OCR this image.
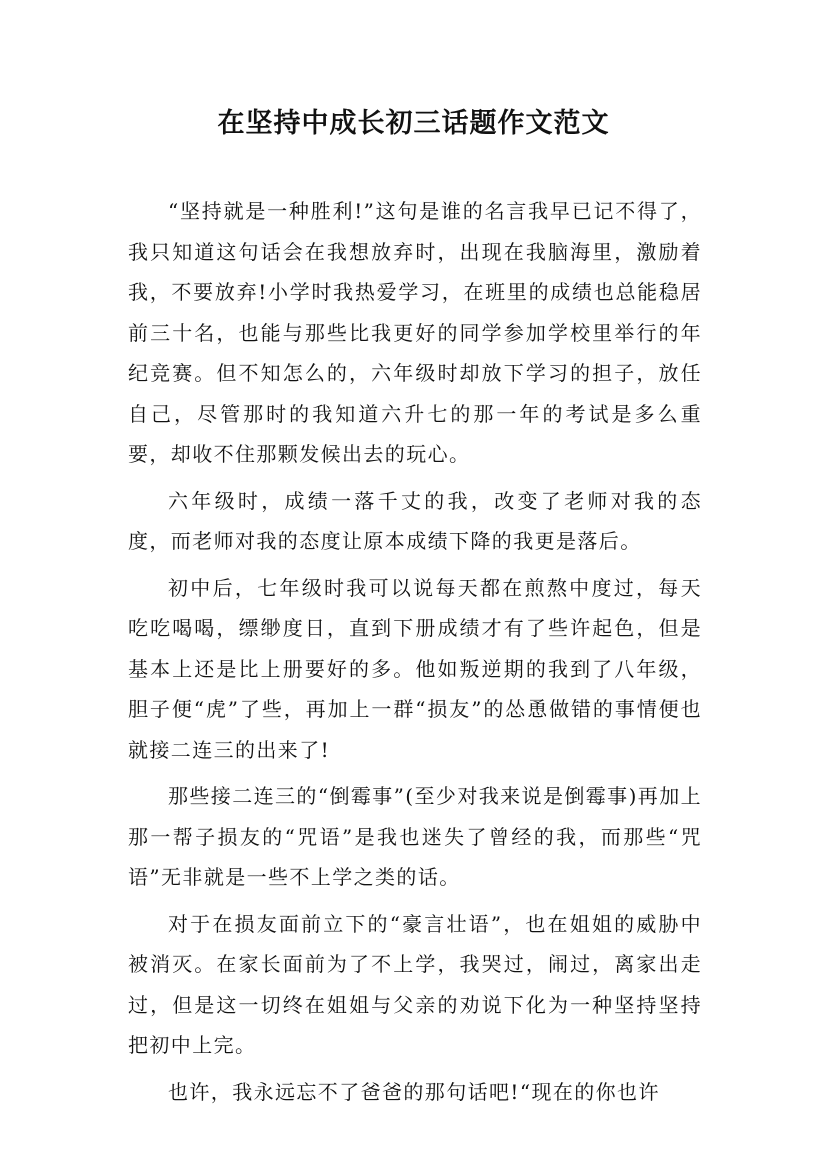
在坚持中成长初三话题作文范文

“坚持就是一种胜利!”这句是谁的名言我早已记不得了，我只知道这句话会在我想放弃时，出现在我脑海里，激励着我，不要放弃!小学时我热爱学习，在班里的成绩也总能稳居前三十名，也能与那些比我更好的同学参加学校里举行的年纪竞赛。但不知怎么的，六年级时却放下学习的担子，放任自己，尽管那时的我知道六升七的那一年的考试是多么重要，却收不住那颗发候出去的玩心。

六年级时，成绩一落千丈的我，改变了老师对我的态度，而老师对我的态度让原本成绩下降的我更是落后。

初中后，七年级时我可以说每天都在煎熬中度过，每天吃吃喝喝，缥缈度日，直到下册成绩才有了些许起色，但是基本上还是比上册要好的多。他如叛逆期的我到了八年级，胆子便“虎”了些，再加上一群“损友”的怂恿做错的事情便也就接二连三的出来了!

那些接二连三的“倒霉事”(至少对我来说是倒霉事)再加上那一帮子损友的“咒语”是我也迷失了曾经的我，而那些“咒语”无非就是一些不上学之类的话。

对于在损友面前立下的“豪言壮语”，也在姐姐的威胁中被消灭。在家长面前为了不上学，我哭过，闹过，离家出走过，但是这一切终在姐姐与父亲的劝说下化为一种坚持坚持把初中上完。

也许，我永远忘不了爸爸的那句话吧!“现在的你也许
